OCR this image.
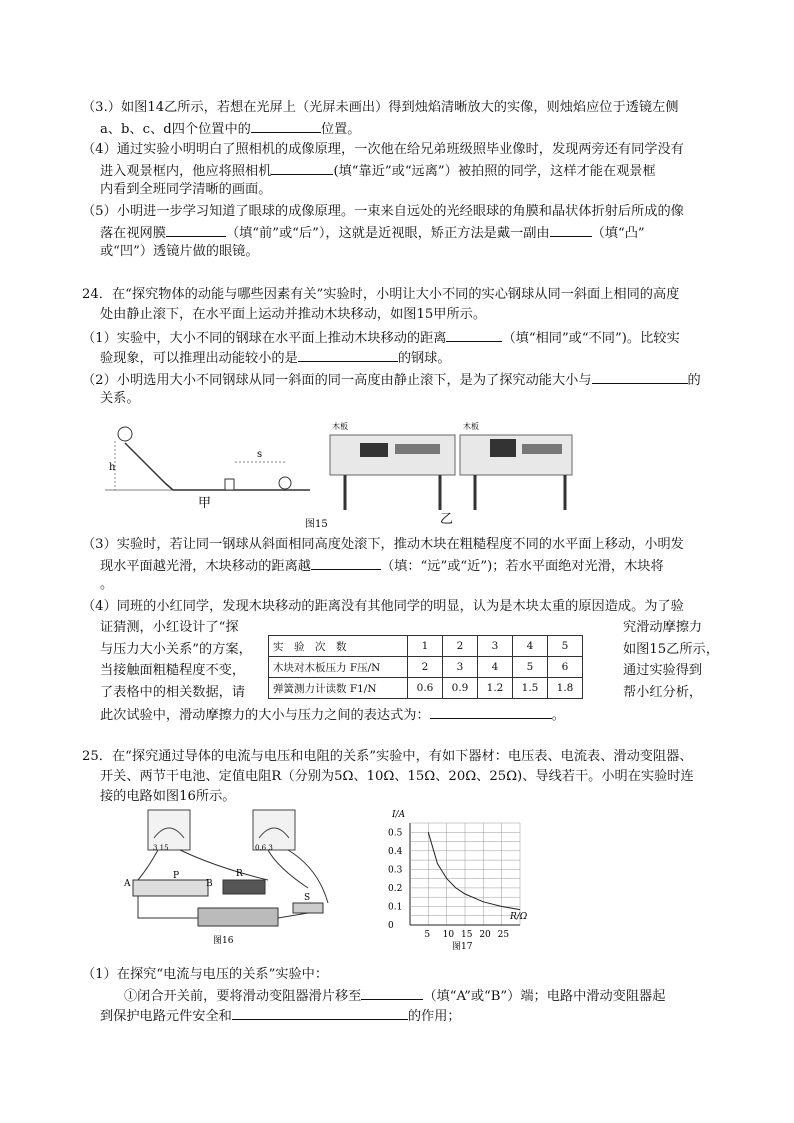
（3.）如图14乙所示，若想在光屏上（光屏未画出）得到烛焰清晰放大的实像，则烛焰应位于透镜左侧
a、b、c、d四个位置中的	位置。
（4）通过实验小明明白了照相机的成像原理，一次他在给兄弟班级照毕业像时，发现两旁还有同学没有
进入观景框内，他应将照相机	(填“靠近”或“远离”）被拍照的同学，这样才能在观景框
内看到全班同学清晰的画面。
（5）小明进一步学习知道了眼球的成像原理。一束来自远处的光经眼球的角膜和晶状体折射后所成的像
落在视网膜	（填“前”或“后”），这就是近视眼，矫正方法是戴一副由	（填“凸”
或“凹”）透镜片做的眼镜。
24．在“探究物体的动能与哪些因素有关”实验时，小明让大小不同的实心钢球从同一斜面上相同的高度
处由静止滚下，在水平面上运动并推动木块移动，如图15甲所示。
（1）实验中，大小不同的钢球在水平面上推动木块移动的距离	（填“相同”或“不同”)。比较实
验现象，可以推理出动能较小的是	的钢球。
（2）小明选用大小不同钢球从同一斜面的同一高度由静止滚下，是为了探究动能大小与	的
关系。
h
s
甲
木板	木板
乙
图15
（3）实验时，若让同一钢球从斜面相同高度处滚下，推动木块在粗糙程度不同的水平面上移动，小明发
现水平面越光滑，木块移动的距离越	（填：“远”或“近”)；若水平面绝对光滑，木块将
。
（4）同班的小红同学，发现木块移动的距离没有其他同学的明显，认为是木块太重的原因造成。为了验
证猜测，小红设计了“探	究滑动摩擦力
与压力大小关系”的方案，	如图15乙所示，
当接触面粗糙程度不变，	通过实验得到
了表格中的相关数据，请	帮小红分析，
此次试验中，滑动摩擦力的大小与压力之间的表达式为：	。
实　验　次　数	1	2	3	4	5
木块对木板压力 F压/N	2	3	4	5	6
弹簧测力计读数 F1/N	0.6	0.9	1.2	1.5	1.8
25．在“探究通过导体的电流与电压和电阻的关系”实验中，有如下器材：电压表、电流表、滑动变阻器、
开关、两节干电池、定值电阻R（分别为5Ω、10Ω、15Ω、20Ω、25Ω)、导线若干。小明在实验时连
接的电路如图16所示。
3 15	0.6 3
A	B
P	R
S
图16
0.5
0.4
0.3
0.2
0.1
0
5 10 15 20 25
I/A
R/Ω
图17
（1）在探究“电流与电压的关系”实验中：
①闭合开关前，要将滑动变阻器滑片移至	（填“A”或“B”）端；电路中滑动变阻器起
到保护电路元件安全和	的作用；
